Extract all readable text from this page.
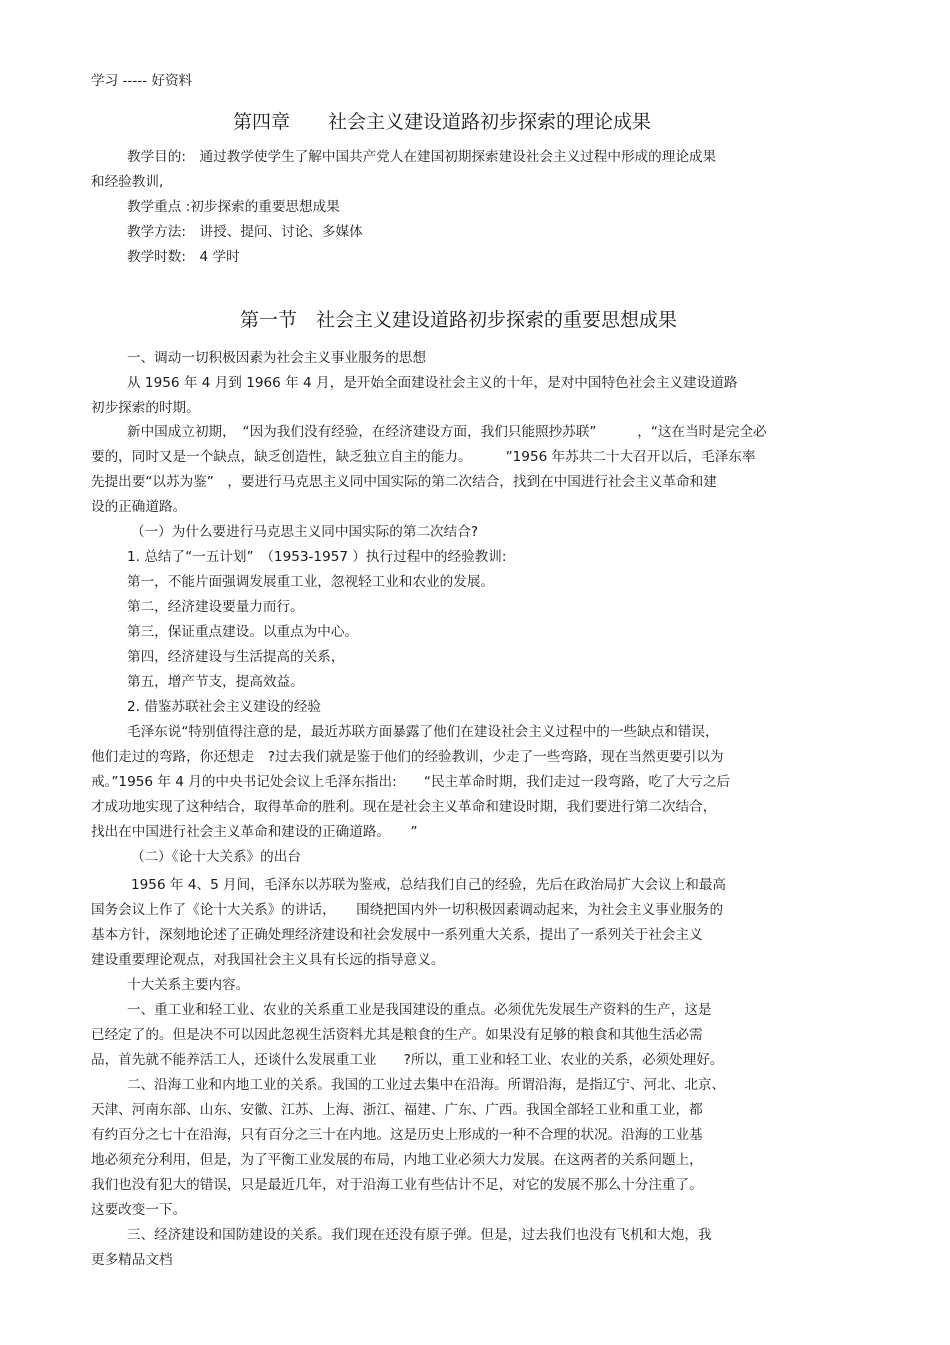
学习 ----- 好资料
第四章　　社会主义建设道路初步探索的理论成果
教学目的:　通过教学使学生了解中国共产党人在建国初期探索建设社会主义过程中形成的理论成果
和经验教训,
教学重点 :初步探索的重要思想成果
教学方法:　讲授、提问、讨论、多媒体
教学时数:　4 学时
第一节　社会主义建设道路初步探索的重要思想成果
一、调动一切积极因素为社会主义事业服务的思想
从 1956 年 4 月到 1966 年 4 月，是开始全面建设社会主义的十年，是对中国特色社会主义建设道路
初步探索的时期。
新中国成立初期，　“因为我们没有经验，在经济建设方面，我们只能照抄苏联”　　　，“这在当时是完全必
要的，同时又是一个缺点，缺乏创造性，缺乏独立自主的能力。　　　”1956 年苏共二十大召开以后，毛泽东率
先提出要“以苏为鉴”　，要进行马克思主义同中国实际的第二次结合，找到在中国进行社会主义革命和建
设的正确道路。
（一）为什么要进行马克思主义同中国实际的第二次结合?
1. 总结了“一五计划”　（1953-1957 ）执行过程中的经验教训:
第一，不能片面强调发展重工业，忽视轻工业和农业的发展。
第二，经济建设要量力而行。
第三，保证重点建设。以重点为中心。
第四，经济建设与生活提高的关系，
第五，增产节支，提高效益。
2. 借鉴苏联社会主义建设的经验
毛泽东说“特别值得注意的是，最近苏联方面暴露了他们在建设社会主义过程中的一些缺点和错误，
他们走过的弯路，你还想走　?过去我们就是鉴于他们的经验教训，少走了一些弯路，现在当然更要引以为
戒。”1956 年 4 月的中央书记处会议上毛泽东指出:　　“民主革命时期，我们走过一段弯路，吃了大亏之后
才成功地实现了这种结合，取得革命的胜利。现在是社会主义革命和建设时期，我们要进行第二次结合，
找出在中国进行社会主义革命和建设的正确道路。　　”
（二）《论十大关系》的出台
1956 年 4、5 月间，毛泽东以苏联为鉴戒，总结我们自己的经验，先后在政治局扩大会议上和最高
国务会议上作了《论十大关系》的讲话，　　围绕把国内外一切积极因素调动起来，为社会主义事业服务的
基本方针，深刻地论述了正确处理经济建设和社会发展中一系列重大关系，提出了一系列关于社会主义
建设重要理论观点，对我国社会主义具有长远的指导意义。
十大关系主要内容。
一、重工业和轻工业、农业的关系重工业是我国建设的重点。必须优先发展生产资料的生产，这是
已经定了的。但是决不可以因此忽视生活资料尤其是粮食的生产。如果没有足够的粮食和其他生活必需
品，首先就不能养活工人，还谈什么发展重工业　　?所以，重工业和轻工业、农业的关系，必须处理好。
二、沿海工业和内地工业的关系。我国的工业过去集中在沿海。所谓沿海，是指辽宁、河北、北京、
天津、河南东部、山东、安徽、江苏、上海、浙江、福建、广东、广西。我国全部轻工业和重工业，都
有约百分之七十在沿海，只有百分之三十在内地。这是历史上形成的一种不合理的状况。沿海的工业基
地必须充分利用，但是，为了平衡工业发展的布局，内地工业必须大力发展。在这两者的关系问题上，
我们也没有犯大的错误，只是最近几年，对于沿海工业有些估计不足，对它的发展不那么十分注重了。
这要改变一下。
三、经济建设和国防建设的关系。我们现在还没有原子弹。但是，过去我们也没有飞机和大炮，我
更多精品文档
